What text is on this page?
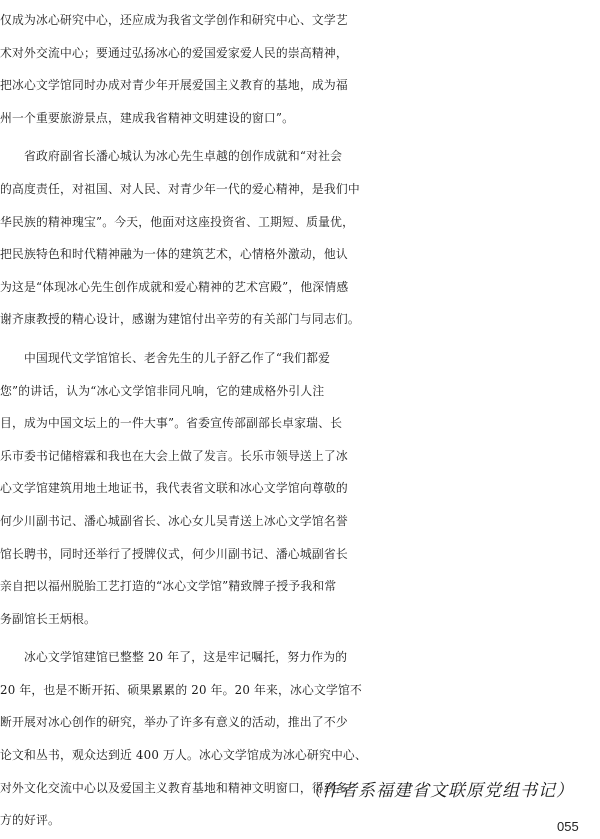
仅成为冰心研究中心，还应成为我省文学创作和研究中心、文学艺
术对外交流中心；要通过弘扬冰心的爱国爱家爱人民的崇高精神，
把冰心文学馆同时办成对青少年开展爱国主义教育的基地，成为福
州一个重要旅游景点，建成我省精神文明建设的窗口”。
　　省政府副省长潘心城认为冰心先生卓越的创作成就和“对社会
的高度责任，对祖国、对人民、对青少年一代的爱心精神，是我们中
华民族的精神瑰宝”。今天，他面对这座投资省、工期短、质量优，
把民族特色和时代精神融为一体的建筑艺术，心情格外激动，他认
为这是“体现冰心先生创作成就和爱心精神的艺术宫殿”，他深情感
谢齐康教授的精心设计，感谢为建馆付出辛劳的有关部门与同志们。
　　中国现代文学馆馆长、老舍先生的儿子舒乙作了“我们都爱
您”的讲话，认为“冰心文学馆非同凡响，它的建成格外引人注
目，成为中国文坛上的一件大事”。省委宣传部副部长卓家瑞、长
乐市委书记储榕霖和我也在大会上做了发言。长乐市领导送上了冰
心文学馆建筑用地土地证书，我代表省文联和冰心文学馆向尊敬的
何少川副书记、潘心城副省长、冰心女儿吴青送上冰心文学馆名誉
馆长聘书，同时还举行了授牌仪式，何少川副书记、潘心城副省长
亲自把以福州脱胎工艺打造的“冰心文学馆”精致牌子授予我和常
务副馆长王炳根。
　　冰心文学馆建馆已整整 20 年了，这是牢记嘱托，努力作为的
20 年，也是不断开拓、硕果累累的 20 年。20 年来，冰心文学馆不
断开展对冰心创作的研究，举办了许多有意义的活动，推出了不少
论文和丛书，观众达到近 400 万人。冰心文学馆成为冰心研究中心、
对外文化交流中心以及爱国主义教育基地和精神文明窗口，得到多
方的好评。
（作者系福建省文联原党组书记）
055
